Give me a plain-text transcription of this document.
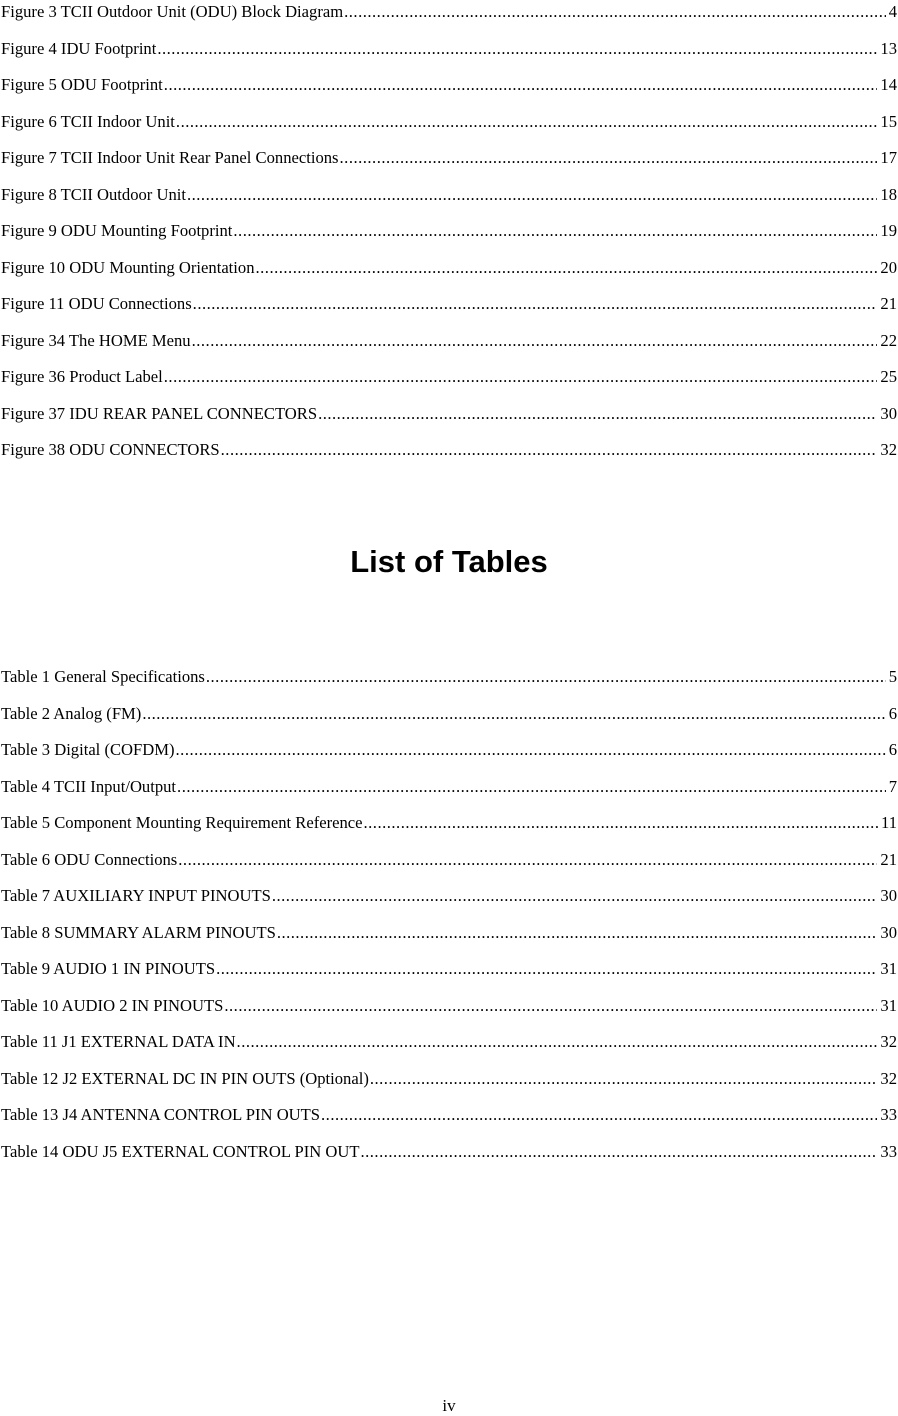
Figure 3 TCII Outdoor Unit (ODU) Block Diagram .....	4
Figure 4 IDU Footprint .....	13
Figure 5 ODU Footprint .....	14
Figure 6 TCII Indoor Unit .....	15
Figure 7 TCII Indoor Unit Rear Panel Connections .....	17
Figure 8 TCII Outdoor Unit .....	18
Figure 9 ODU Mounting Footprint .....	19
Figure 10 ODU Mounting Orientation .....	20
Figure 11 ODU Connections .....	21
Figure 34 The HOME Menu .....	22
Figure 36 Product Label .....	25
Figure 37 IDU REAR PANEL CONNECTORS .....	30
Figure 38 ODU CONNECTORS .....	32
List of Tables
Table 1 General Specifications .....	5
Table 2 Analog (FM) .....	6
Table 3 Digital (COFDM) .....	6
Table 4 TCII Input/Output .....	7
Table 5 Component Mounting Requirement Reference .....	11
Table 6 ODU Connections .....	21
Table 7 AUXILIARY INPUT PINOUTS .....	30
Table 8 SUMMARY ALARM PINOUTS .....	30
Table 9 AUDIO 1 IN PINOUTS .....	31
Table 10 AUDIO 2 IN PINOUTS .....	31
Table 11 J1 EXTERNAL DATA IN .....	32
Table 12 J2 EXTERNAL DC IN PIN OUTS (Optional) .....	32
Table 13 J4 ANTENNA CONTROL PIN OUTS .....	33
Table 14 ODU J5 EXTERNAL CONTROL PIN OUT .....	33
iv
